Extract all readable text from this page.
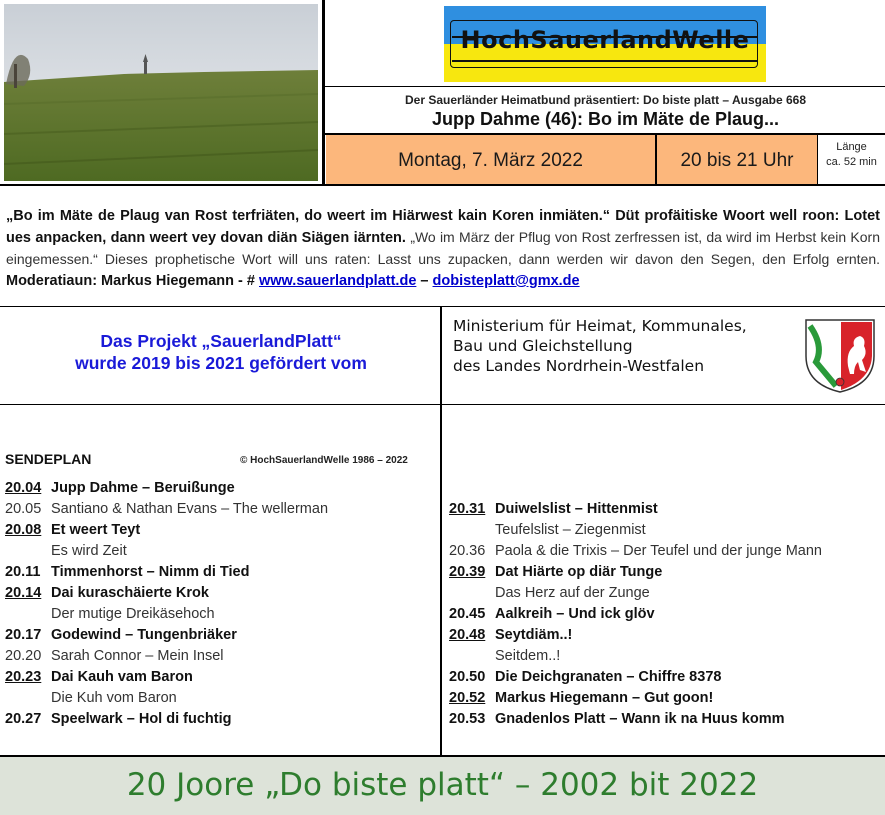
HochSauerlandWelle
Der Sauerländer Heimatbund präsentiert: Do biste platt – Ausgabe 668
Jupp Dahme (46): Bo im Mäte de Plaug...
Montag, 7. März 2022	20 bis 21 Uhr
Länge
ca. 52 min
„Bo im Mäte de Plaug van Rost terfriäten, do weert im Hiärwest kain Koren inmiäten.“ Düt profäitiske Woort well roon: Lotet ues anpacken, dann weert vey dovan diän Siägen iärnten. „Wo im März der Pflug von Rost zerfressen ist, da wird im Herbst kein Korn eingemessen.“ Dieses prophetische Wort will uns raten: Lasst uns zupacken, dann werden wir davon den Segen, den Erfolg ernten. Moderatiaun: Markus Hiegemann - # www.sauerlandplatt.de – dobisteplatt@gmx.de
Das Projekt „SauerlandPlatt“
wurde 2019 bis 2021 gefördert vom
Ministerium für Heimat, Kommunales,
Bau und Gleichstellung
des Landes Nordrhein-Westfalen
SENDEPLAN	© HochSauerlandWelle 1986 – 2022
20.04 Jupp Dahme – Beruißunge
20.05 Santiano & Nathan Evans – The wellerman
20.08 Et weert Teyt
Es wird Zeit
20.11 Timmenhorst – Nimm di Tied
20.14 Dai kuraschäierte Krok
Der mutige Dreikäsehoch
20.17 Godewind – Tungenbriäker
20.20 Sarah Connor – Mein Insel
20.23 Dai Kauh vam Baron
Die Kuh vom Baron
20.27 Speelwark – Hol di fuchtig
20.31 Duiwelslist – Hittenmist
Teufelslist – Ziegenmist
20.36 Paola & die Trixis – Der Teufel und der junge Mann
20.39 Dat Hiärte op diär Tunge
Das Herz auf der Zunge
20.45 Aalkreih – Und ick glöv
20.48 Seytdiäm..!
Seitdem..!
20.50 Die Deichgranaten – Chiffre 8378
20.52 Markus Hiegemann – Gut goon!
20.53 Gnadenlos Platt – Wann ik na Huus komm
20 Joore „Do biste platt“ – 2002 bit 2022
